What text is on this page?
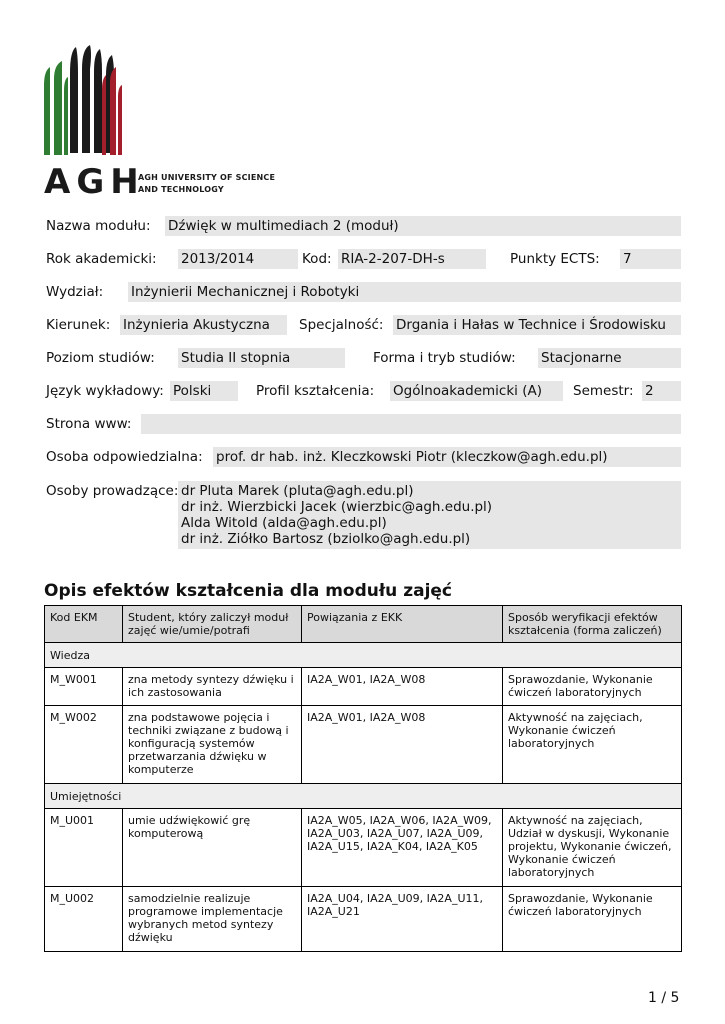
AGH
AGH UNIVERSITY OF SCIENCE
AND TECHNOLOGY
Nazwa modułu: Dźwięk w multimediach 2 (moduł)
Rok akademicki: 2013/2014	Kod: RIA-2-207-DH-s	Punkty ECTS: 7
Wydział: Inżynierii Mechanicznej i Robotyki
Kierunek: Inżynieria Akustyczna	Specjalność: Drgania i Hałas w Technice i Środowisku
Poziom studiów: Studia II stopnia	Forma i tryb studiów: Stacjonarne
Język wykładowy: Polski	Profil kształcenia: Ogólnoakademicki (A)	Semestr: 2
Strona www:
Osoba odpowiedzialna: prof. dr hab. inż. Kleczkowski Piotr (kleczkow@agh.edu.pl)
Osoby prowadzące: dr Pluta Marek (pluta@agh.edu.pl)
dr inż. Wierzbicki Jacek (wierzbic@agh.edu.pl)
Alda Witold (alda@agh.edu.pl)
dr inż. Ziółko Bartosz (bziolko@agh.edu.pl)
Opis efektów kształcenia dla modułu zajęć
Kod EKM	Student, który zaliczył moduł zajęć wie/umie/potrafi	Powiązania z EKK	Sposób weryfikacji efektów kształcenia (forma zaliczeń)
Wiedza			
M_W001	zna metody syntezy dźwięku i ich zastosowania	IA2A_W01, IA2A_W08	Sprawozdanie, Wykonanie ćwiczeń laboratoryjnych
M_W002	zna podstawowe pojęcia i techniki związane z budową i konfiguracją systemów przetwarzania dźwięku w komputerze	IA2A_W01, IA2A_W08	Aktywność na zajęciach, Wykonanie ćwiczeń laboratoryjnych
Umiejętności			
M_U001	umie udźwiękowić grę komputerową	IA2A_W05, IA2A_W06, IA2A_W09, IA2A_U03, IA2A_U07, IA2A_U09, IA2A_U15, IA2A_K04, IA2A_K05	Aktywność na zajęciach, Udział w dyskusji, Wykonanie projektu, Wykonanie ćwiczeń, Wykonanie ćwiczeń laboratoryjnych
M_U002	samodzielnie realizuje programowe implementacje wybranych metod syntezy dźwięku	IA2A_U04, IA2A_U09, IA2A_U11, IA2A_U21	Sprawozdanie, Wykonanie ćwiczeń laboratoryjnych
1 / 5
